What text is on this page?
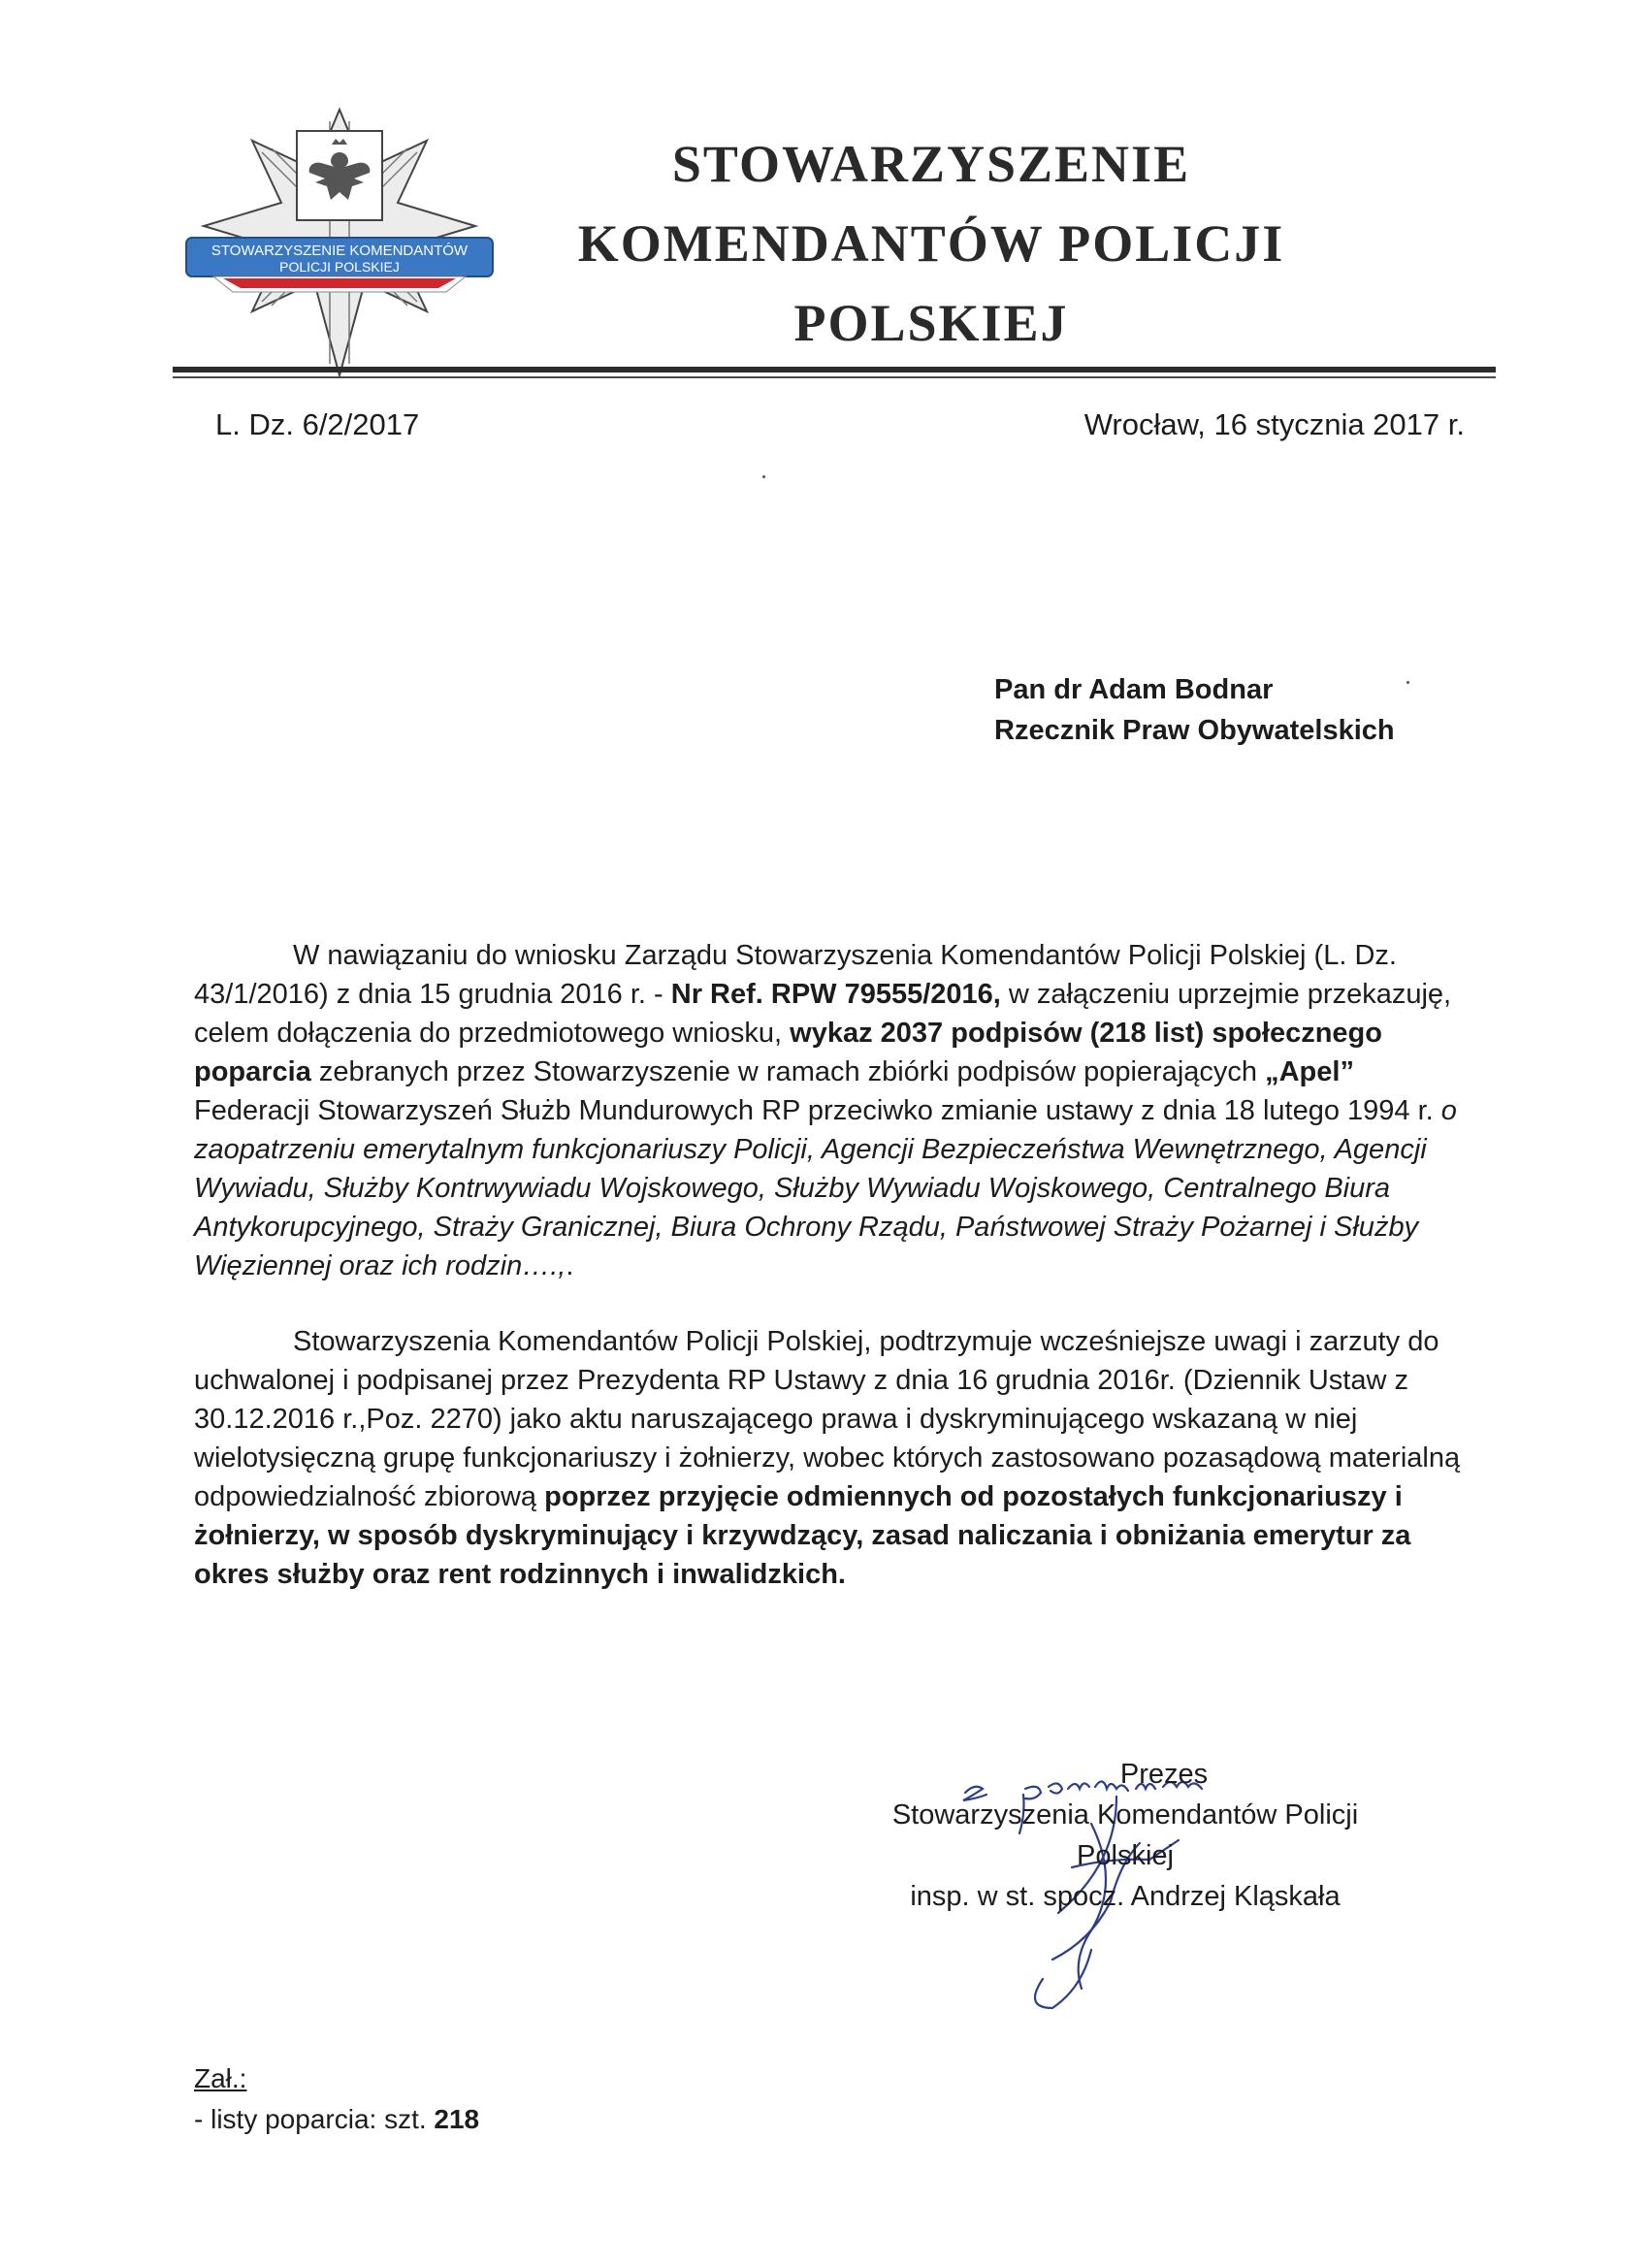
STOWARZYSZENIE KOMENDANTÓW
POLICJI POLSKIEJ
STOWARZYSZENIE
KOMENDANTÓW POLICJI
POLSKIEJ
L. Dz. 6/2/2017	Wrocław, 16 stycznia 2017 r.
Pan dr Adam Bodnar
Rzecznik Praw Obywatelskich
W nawiązaniu do wniosku Zarządu Stowarzyszenia Komendantów Policji Polskiej (L. Dz. 43/1/2016) z dnia 15 grudnia 2016 r. - Nr Ref. RPW 79555/2016, w załączeniu uprzejmie przekazuję, celem dołączenia do przedmiotowego wniosku, wykaz 2037 podpisów (218 list) społecznego poparcia zebranych przez Stowarzyszenie w ramach zbiórki podpisów popierających „Apel” Federacji Stowarzyszeń Służb Mundurowych RP przeciwko zmianie ustawy z dnia 18 lutego 1994 r. o zaopatrzeniu emerytalnym funkcjonariuszy Policji, Agencji Bezpieczeństwa Wewnętrznego, Agencji Wywiadu, Służby Kontrwywiadu Wojskowego, Służby Wywiadu Wojskowego, Centralnego Biura Antykorupcyjnego, Straży Granicznej, Biura Ochrony Rządu, Państwowej Straży Pożarnej i Służby Więziennej oraz ich rodzin….,.
Stowarzyszenia Komendantów Policji Polskiej, podtrzymuje wcześniejsze uwagi i zarzuty do uchwalonej i podpisanej przez Prezydenta RP Ustawy z dnia 16 grudnia 2016r. (Dziennik Ustaw z 30.12.2016 r.,Poz. 2270) jako aktu naruszającego prawa i dyskryminującego wskazaną w niej wielotysięczną grupę funkcjonariuszy i żołnierzy, wobec których zastosowano pozasądową materialną odpowiedzialność zbiorową poprzez przyjęcie odmiennych od pozostałych funkcjonariuszy i żołnierzy, w sposób dyskryminujący i krzywdzący, zasad naliczania i obniżania emerytur za okres służby oraz rent rodzinnych i inwalidzkich.
Prezes
Stowarzyszenia Komendantów Policji
Polskiej
insp. w st. spocz. Andrzej Kląskała
Zał.:
- listy poparcia: szt. 218
